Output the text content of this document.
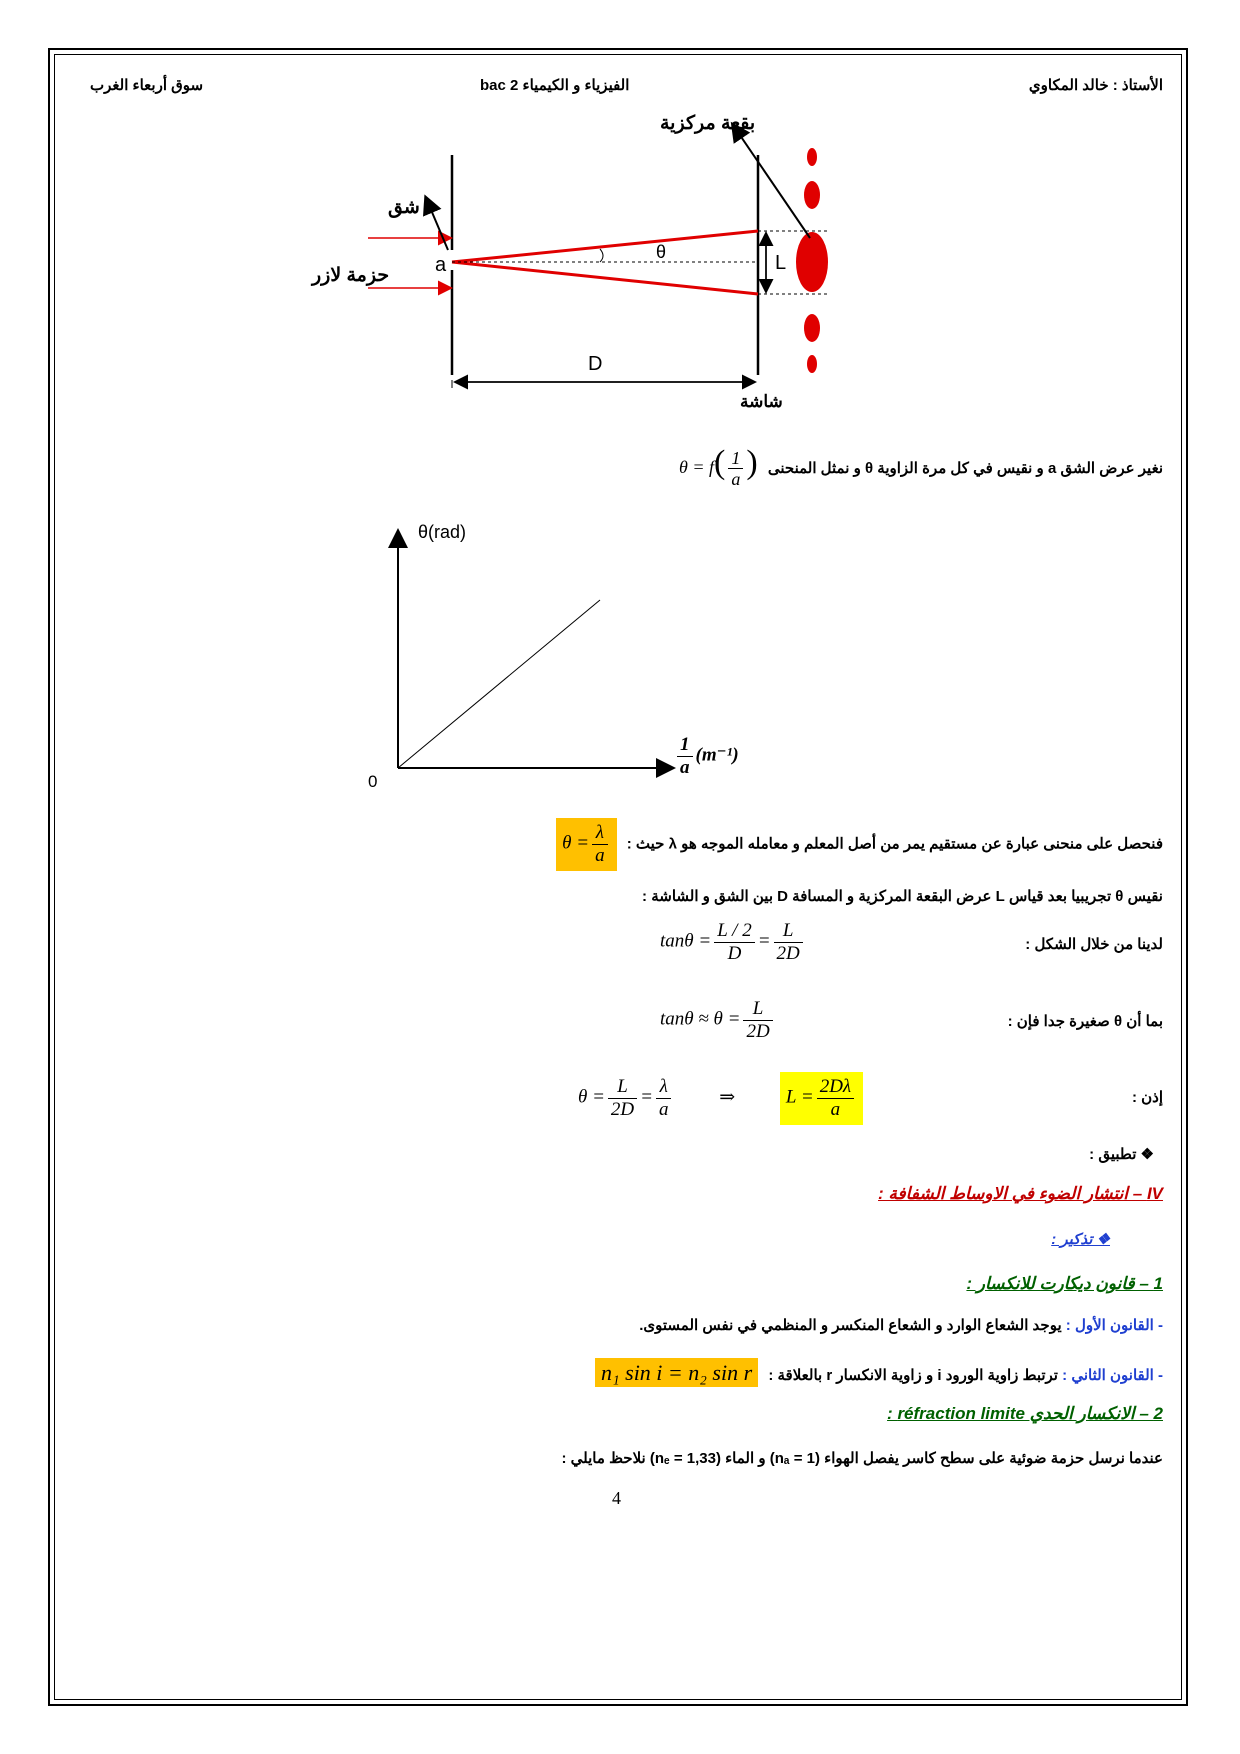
الأستاذ : خالد المكاوي
الفيزياء و الكيمياء 2 bac
سوق أربعاء الغرب
بقعة مركزية
شق
حزمة لازر a
θ	L
D
شاشة
نغير عرض الشق a و نقيس في كل مرة الزاوية θ و نمثل المنحنى $\theta = f( \frac{1}{a}$ )
θ(rad)
0
$\frac{1}{a} (m^{-1})$
فنحصل على منحنى عبارة عن مستقيم يمر من أصل المعلم و معامله الموجه هو λ حيث : $\theta = \frac{\lambda}{a}$
نقيس θ تجريبيا بعد قياس L عرض البقعة المركزية و المسافة D بين الشق و الشاشة :
لدينا من خلال الشكل :
$\tan\theta = \frac{L / 2}{D} = \frac{L}{2D}$
بما أن θ صغيرة جدا فإن :
$\tan\theta \approx \theta = \frac{L}{2D}$
إذن :
$\theta = \frac{L}{2D} = \frac{\lambda}{a}$	⇒	$L = \frac{2D\lambda}{a}$
❖ تطبيق :
IV – انتشار الضوء في الاوساط الشفافة :
❖ تذكير :
1 – قانون ديكارت للانكسار :
- القانون الأول : يوجد الشعاع الوارد و الشعاع المنكسر و المنظمي في نفس المستوى.
- القانون الثاني : ترتبط زاوية الورود i و زاوية الانكسار r بالعلاقة : n₁ sin i = n₂ sin r
2 – الانكسار الحدي réfraction limite :
عندما نرسل حزمة ضوئية على سطح كاسر يفصل الهواء (nₐ = 1) و الماء (nₑ = 1,33) نلاحظ مايلي :
4
